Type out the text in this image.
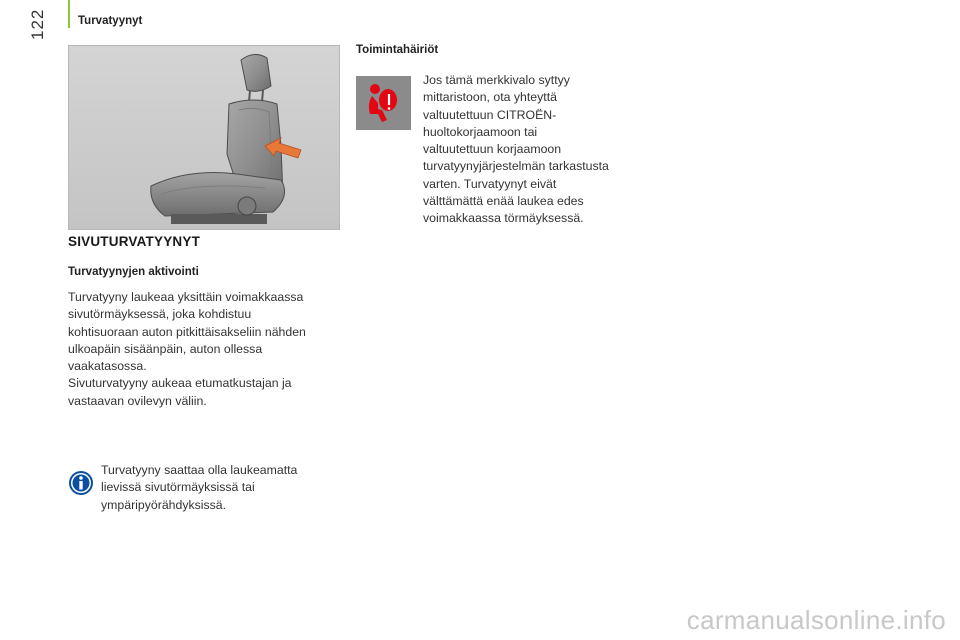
122	Turvatyynyt
SIVUTURVATYYNYT
Turvatyynyjen aktivointi

Turvatyyny laukeaa yksittäin voimakkaassa

sivutörmäyksessä, joka kohdistuu

kohtisuoraan auton pitkittäisakseliin nähden

ulkoapäin sisäänpäin, auton ollessa

vaakatasossa.

Sivuturvatyyny aukeaa etumatkustajan ja

vastaavan ovilevyn väliin.

Turvatyyny saattaa olla laukeamatta

lievissä sivutörmäyksissä tai

ympäripyörähdyksissä.

Toimintahäiriöt

Jos tämä merkkivalo syttyy

mittaristoon, ota yhteyttä

valtuutettuun CITROËN-

huoltokorjaamoon tai

valtuutettuun korjaamoon

turvatyynyjärjestelmän tarkastusta

varten. Turvatyynyt eivät

välttämättä enää laukea edes

voimakkaassa törmäyksessä.

carmanualsonline.info
